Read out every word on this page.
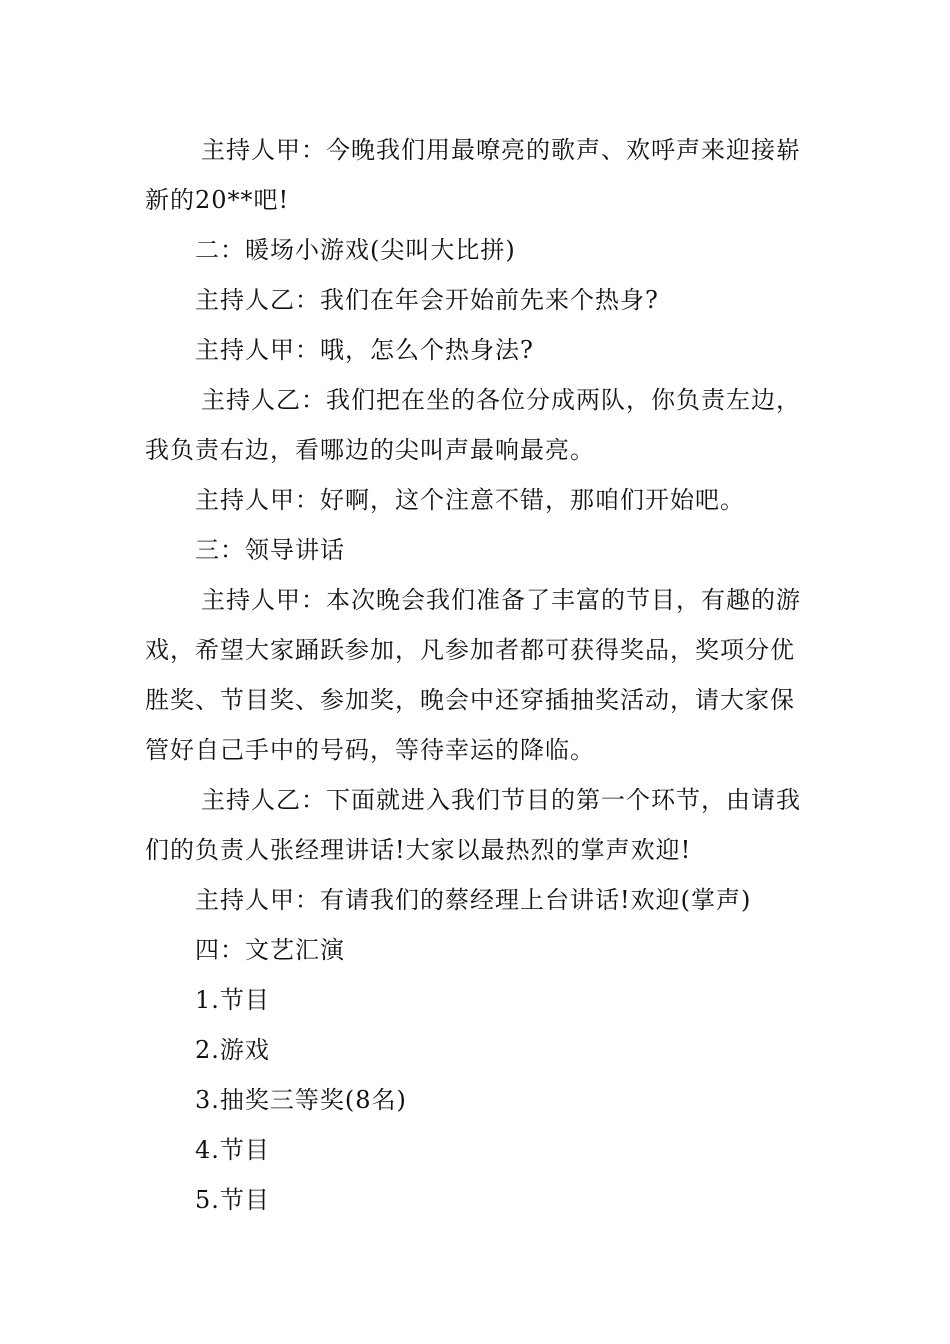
主持人甲：今晚我们用最嘹亮的歌声、欢呼声来迎接崭新的20**吧!

二：暖场小游戏(尖叫大比拼)

主持人乙：我们在年会开始前先来个热身?

主持人甲：哦，怎么个热身法?

主持人乙：我们把在坐的各位分成两队，你负责左边，我负责右边，看哪边的尖叫声最响最亮。

主持人甲：好啊，这个注意不错，那咱们开始吧。

三：领导讲话

主持人甲：本次晚会我们准备了丰富的节目，有趣的游戏，希望大家踊跃参加，凡参加者都可获得奖品，奖项分优胜奖、节目奖、参加奖，晚会中还穿插抽奖活动，请大家保管好自己手中的号码，等待幸运的降临。

主持人乙：下面就进入我们节目的第一个环节，由请我们的负责人张经理讲话!大家以最热烈的掌声欢迎!

主持人甲：有请我们的蔡经理上台讲话!欢迎(掌声)

四：文艺汇演

1.节目

2.游戏

3.抽奖三等奖(8名)

4.节目

5.节目
